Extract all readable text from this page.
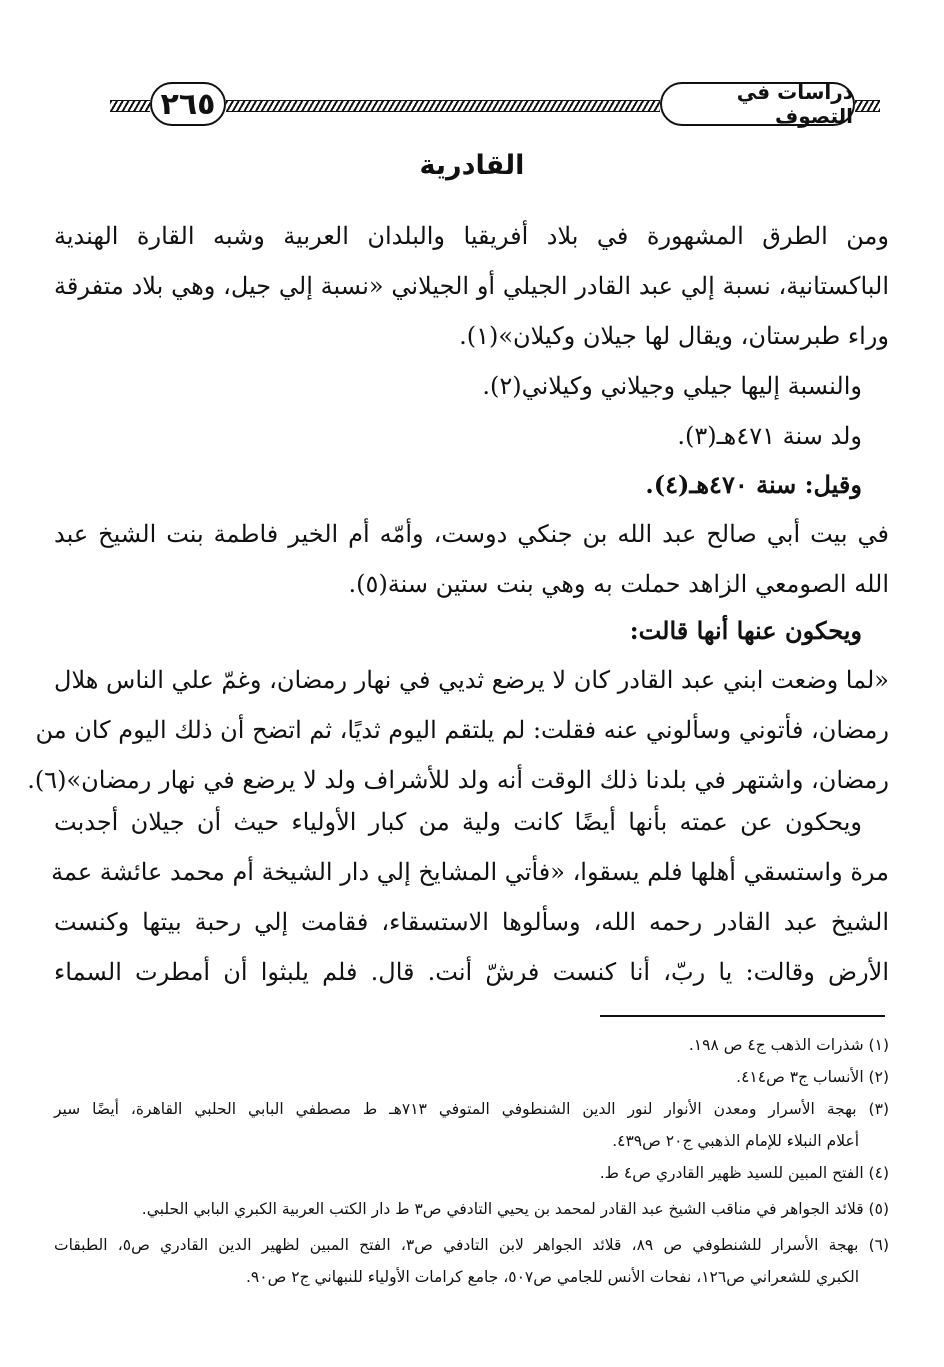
٢٦٥	دراسات في التصوف
القادرية
ومن الطرق المشهورة في بلاد أفريقيا والبلدان العربية وشبه القارة الهندية
الباكستانية، نسبة إلي عبد القادر الجيلي أو الجيلاني «نسبة إلي جيل، وهي بلاد متفرقة
وراء طبرستان، ويقال لها جيلان وكيلان»(١).
والنسبة إليها جيلي وجيلاني وكيلاني(٢).
ولد سنة ٤٧١هـ(٣).
وقيل: سنة ٤٧٠هـ(٤).
في بيت أبي صالح عبد الله بن جنكي دوست، وأمّه أم الخير فاطمة بنت الشيخ عبد
الله الصومعي الزاهد حملت به وهي بنت ستين سنة(٥).
ويحكون عنها أنها قالت:
«لما وضعت ابني عبد القادر كان لا يرضع ثديي في نهار رمضان، وغمّ علي الناس هلال
رمضان، فأتوني وسألوني عنه فقلت: لم يلتقم اليوم ثديًا، ثم اتضح أن ذلك اليوم كان من
رمضان، واشتهر في بلدنا ذلك الوقت أنه ولد للأشراف ولد لا يرضع في نهار رمضان»(٦).
ويحكون عن عمته بأنها أيضًا كانت ولية من كبار الأولياء حيث أن جيلان أجدبت
مرة واستسقي أهلها فلم يسقوا، «فأتي المشايخ إلي دار الشيخة أم محمد عائشة عمة
الشيخ عبد القادر رحمه الله، وسألوها الاستسقاء، فقامت إلي رحبة بيتها وكنست
الأرض وقالت: يا ربّ، أنا كنست فرشّ أنت. قال. فلم يلبثوا أن أمطرت السماء
(١) شذرات الذهب ج٤ ص ١٩٨.
(٢) الأنساب ج٣ ص٤١٤.
(٣) بهجة الأسرار ومعدن الأنوار لنور الدين الشنطوفي المتوفي ٧١٣هـ ط مصطفي البابي الحلبي القاهرة، أيضًا سير
أعلام النبلاء للإمام الذهبي ج٢٠ ص٤٣٩.
(٤) الفتح المبين للسيد ظهير القادري ص٤ ط.
(٥) قلائد الجواهر في مناقب الشيخ عبد القادر لمحمد بن يحيي التادفي ص٣ ط دار الكتب العربية الكبري البابي الحلبي.
(٦) بهجة الأسرار للشنطوفي ص ٨٩، قلائد الجواهر لابن التادفي ص٣، الفتح المبين لظهير الدين القادري ص٥، الطبقات
الكبري للشعراني ص١٢٦، نفحات الأنس للجامي ص٥٠٧، جامع كرامات الأولياء للنبهاني ج٢ ص٩٠.
